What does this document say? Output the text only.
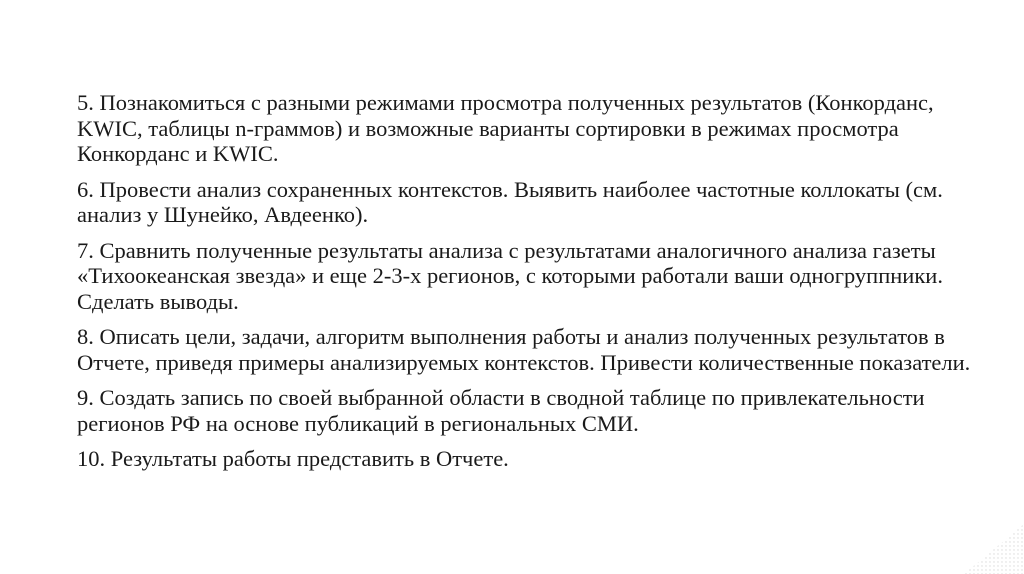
5. Познакомиться с разными режимами просмотра полученных результатов (Конкорданс, KWIC, таблицы n-граммов) и возможные варианты сортировки в режимах просмотра Конкорданс и KWIC.

6. Провести анализ сохраненных контекстов. Выявить наиболее частотные коллокаты (см. анализ у Шунейко, Авдеенко).

7. Сравнить полученные результаты анализа с результатами аналогичного анализа газеты «Тихоокеанская звезда» и еще 2-3-х регионов, с которыми работали ваши одногруппники. Сделать выводы.

8. Описать цели, задачи, алгоритм выполнения работы и анализ полученных результатов в Отчете, приведя примеры анализируемых контекстов. Привести количественные показатели.

9. Создать запись по своей выбранной области в сводной таблице по привлекательности регионов РФ на основе публикаций в региональных СМИ.

10. Результаты работы представить в Отчете.
